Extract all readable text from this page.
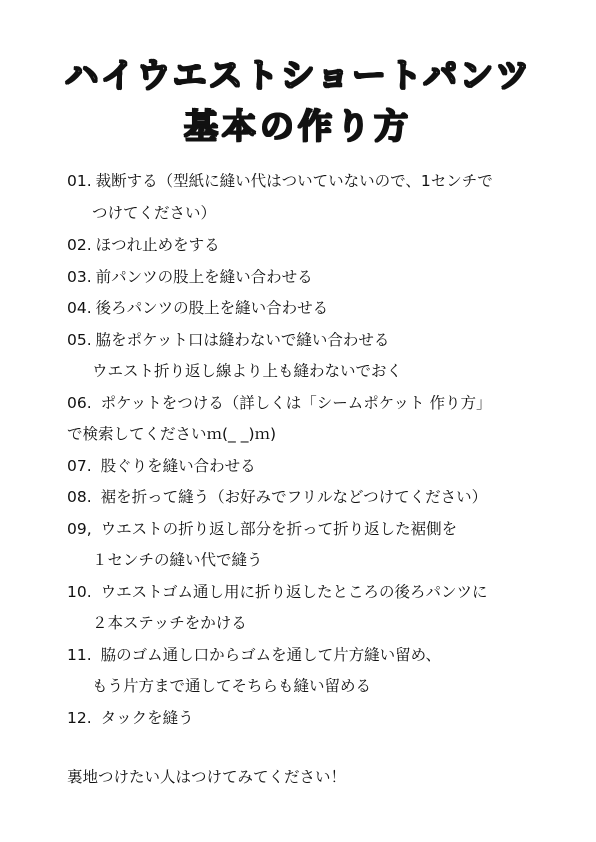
ハイウエストショートパンツ
基本の作り方
01. 裁断する（型紙に縫い代はついていないので、1センチで
つけてください）
02. ほつれ止めをする
03. 前パンツの股上を縫い合わせる
04. 後ろパンツの股上を縫い合わせる
05. 脇をポケット口は縫わないで縫い合わせる
ウエスト折り返し線より上も縫わないでおく
06. ポケットをつける（詳しくは「シームポケット 作り方」
で検索してくださいｍ(_ _)ｍ)
07. 股ぐりを縫い合わせる
08. 裾を折って縫う（お好みでフリルなどつけてください）
09, ウエストの折り返し部分を折って折り返した裾側を
１センチの縫い代で縫う
10. ウエストゴム通し用に折り返したところの後ろパンツに
２本ステッチをかける
11. 脇のゴム通し口からゴムを通して片方縫い留め、
もう片方まで通してそちらも縫い留める
12. タックを縫う
裏地つけたい人はつけてみてください！
